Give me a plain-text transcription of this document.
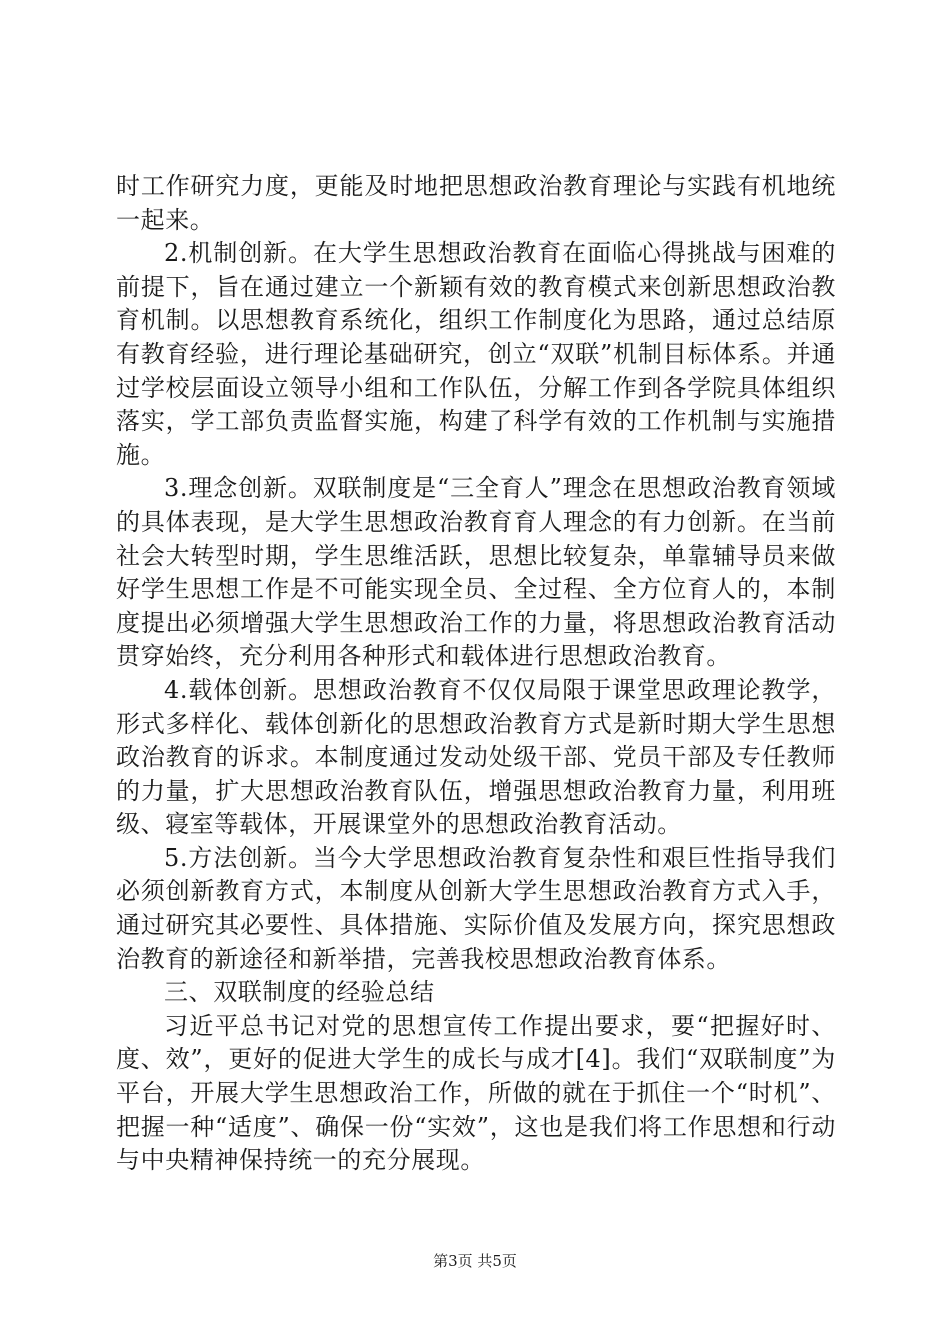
时工作研究力度，更能及时地把思想政治教育理论与实践有机地统一起来。

2.机制创新。在大学生思想政治教育在面临心得挑战与困难的前提下，旨在通过建立一个新颖有效的教育模式来创新思想政治教育机制。以思想教育系统化，组织工作制度化为思路，通过总结原有教育经验，进行理论基础研究，创立“双联”机制目标体系。并通过学校层面设立领导小组和工作队伍，分解工作到各学院具体组织落实，学工部负责监督实施，构建了科学有效的工作机制与实施措施。

3.理念创新。双联制度是“三全育人”理念在思想政治教育领域的具体表现，是大学生思想政治教育育人理念的有力创新。在当前社会大转型时期，学生思维活跃，思想比较复杂，单靠辅导员来做好学生思想工作是不可能实现全员、全过程、全方位育人的，本制度提出必须增强大学生思想政治工作的力量，将思想政治教育活动贯穿始终，充分利用各种形式和载体进行思想政治教育。

4.载体创新。思想政治教育不仅仅局限于课堂思政理论教学，形式多样化、载体创新化的思想政治教育方式是新时期大学生思想政治教育的诉求。本制度通过发动处级干部、党员干部及专任教师的力量，扩大思想政治教育队伍，增强思想政治教育力量，利用班级、寝室等载体，开展课堂外的思想政治教育活动。

5.方法创新。当今大学思想政治教育复杂性和艰巨性指导我们必须创新教育方式，本制度从创新大学生思想政治教育方式入手，通过研究其必要性、具体措施、实际价值及发展方向，探究思想政治教育的新途径和新举措，完善我校思想政治教育体系。

三、双联制度的经验总结

习近平总书记对党的思想宣传工作提出要求，要“把握好时、度、效”，更好的促进大学生的成长与成才[4]。我们“双联制度”为平台，开展大学生思想政治工作，所做的就在于抓住一个“时机”、把握一种“适度”、确保一份“实效”，这也是我们将工作思想和行动与中央精神保持统一的充分展现。

第3页 共5页
